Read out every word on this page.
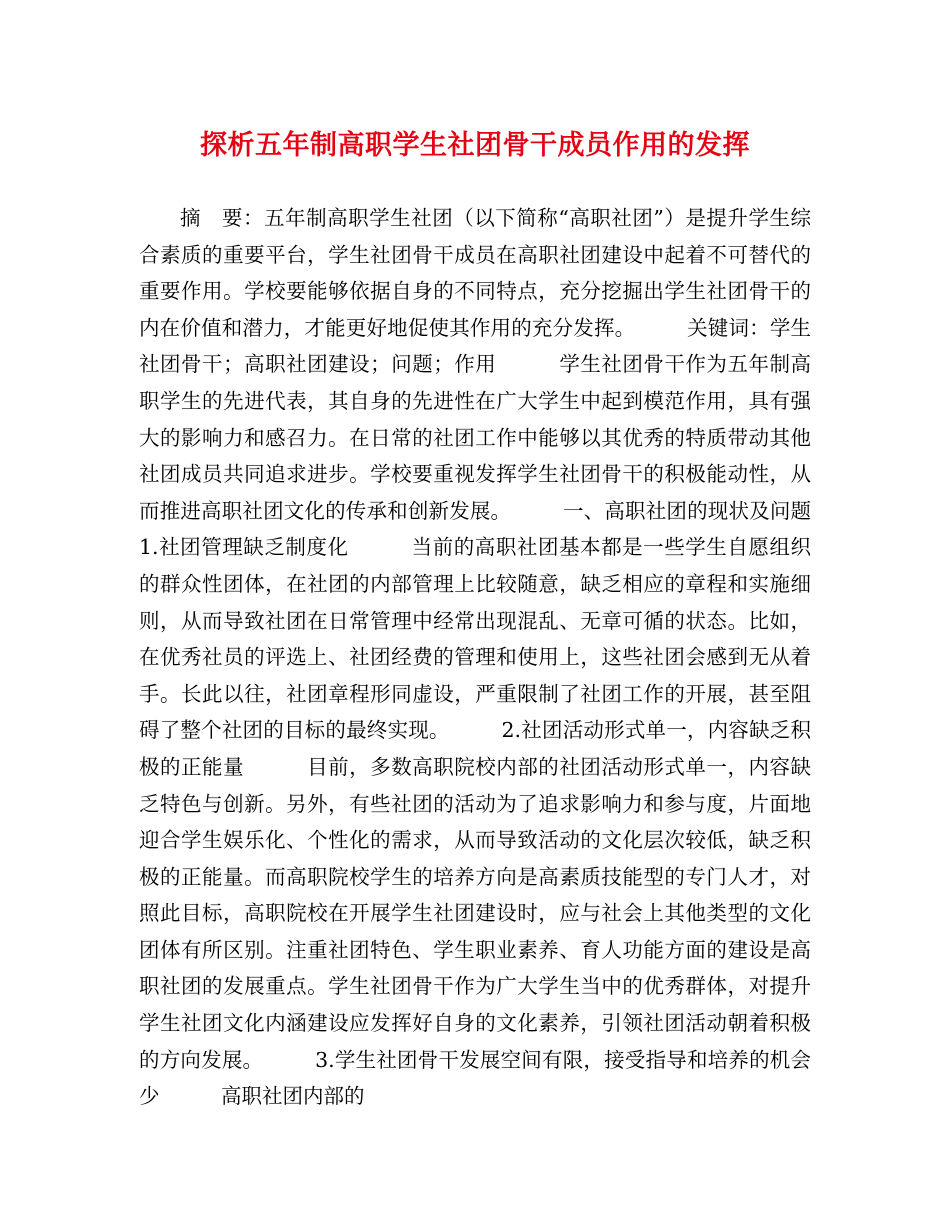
探析五年制高职学生社团骨干成员作用的发挥

摘　要：五年制高职学生社团（以下简称“高职社团”）是提升学生综合素质的重要平台，学生社团骨干成员在高职社团建设中起着不可替代的重要作用。学校要能够依据自身的不同特点，充分挖掘出学生社团骨干的内在价值和潜力，才能更好地促使其作用的充分发挥。　　　关键词：学生社团骨干；高职社团建设；问题；作用　　　学生社团骨干作为五年制高职学生的先进代表，其自身的先进性在广大学生中起到模范作用，具有强大的影响力和感召力。在日常的社团工作中能够以其优秀的特质带动其他社团成员共同追求进步。学校要重视发挥学生社团骨干的积极能动性，从而推进高职社团文化的传承和创新发展。　　　一、高职社团的现状及问题　　　1.社团管理缺乏制度化　　　当前的高职社团基本都是一些学生自愿组织的群众性团体，在社团的内部管理上比较随意，缺乏相应的章程和实施细则，从而导致社团在日常管理中经常出现混乱、无章可循的状态。比如，在优秀社员的评选上、社团经费的管理和使用上，这些社团会感到无从着手。长此以往，社团章程形同虚设，严重限制了社团工作的开展，甚至阻碍了整个社团的目标的最终实现。　　　2.社团活动形式单一，内容缺乏积极的正能量　　　目前，多数高职院校内部的社团活动形式单一，内容缺乏特色与创新。另外，有些社团的活动为了追求影响力和参与度，片面地迎合学生娱乐化、个性化的需求，从而导致活动的文化层次较低，缺乏积极的正能量。而高职院校学生的培养方向是高素质技能型的专门人才，对照此目标，高职院校在开展学生社团建设时，应与社会上其他类型的文化团体有所区别。注重社团特色、学生职业素养、育人功能方面的建设是高职社团的发展重点。学生社团骨干作为广大学生当中的优秀群体，对提升学生社团文化内涵建设应发挥好自身的文化素养，引领社团活动朝着积极的方向发展。　　　3.学生社团骨干发展空间有限，接受指导和培养的机会少　　　高职社团内部的
